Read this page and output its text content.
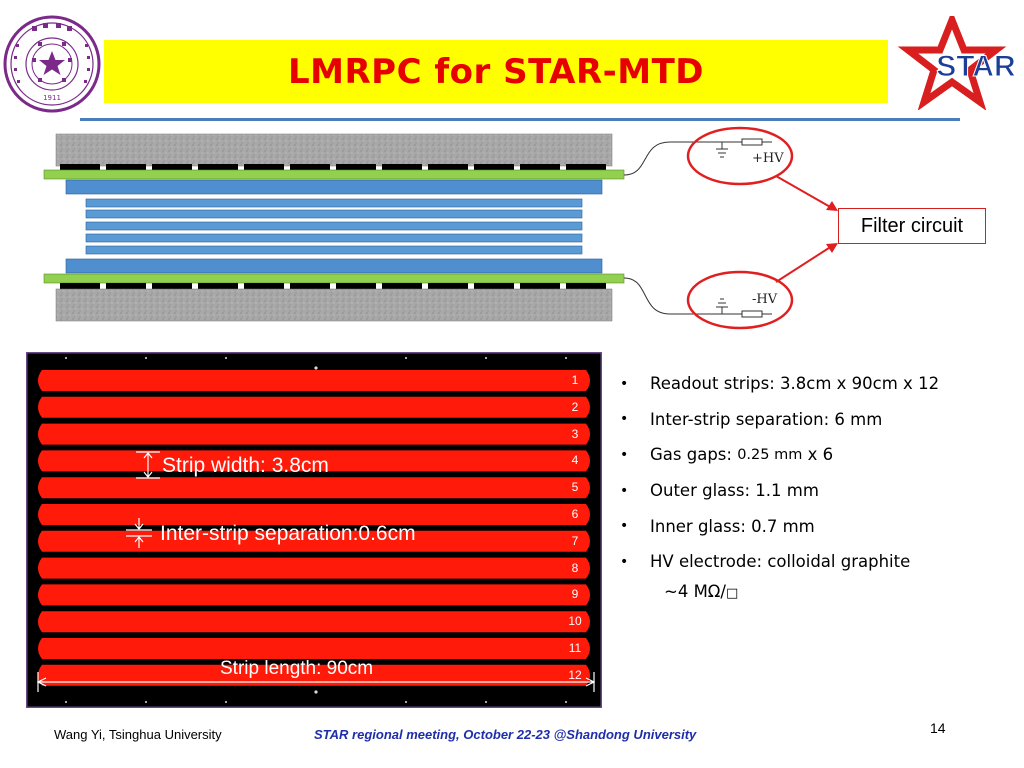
1911
LMRPC for STAR-MTD	STAR
+HV
-HV
Filter circuit
Strip width: 3.8cm
Inter-strip separation:0.6cm
Strip length: 90cm
1
2
3
4
5
6
7
8
9
10
11
12
• Readout strips: 3.8cm x 90cm x 12
• Inter-strip separation: 6 mm
• Gas gaps: 0.25 mm x 6
• Outer glass: 1.1 mm
• Inner glass: 0.7 mm
• HV electrode: colloidal graphite
~4 MΩ/□
Wang Yi, Tsinghua University	STAR regional meeting, October 22-23 @Shandong University	14
